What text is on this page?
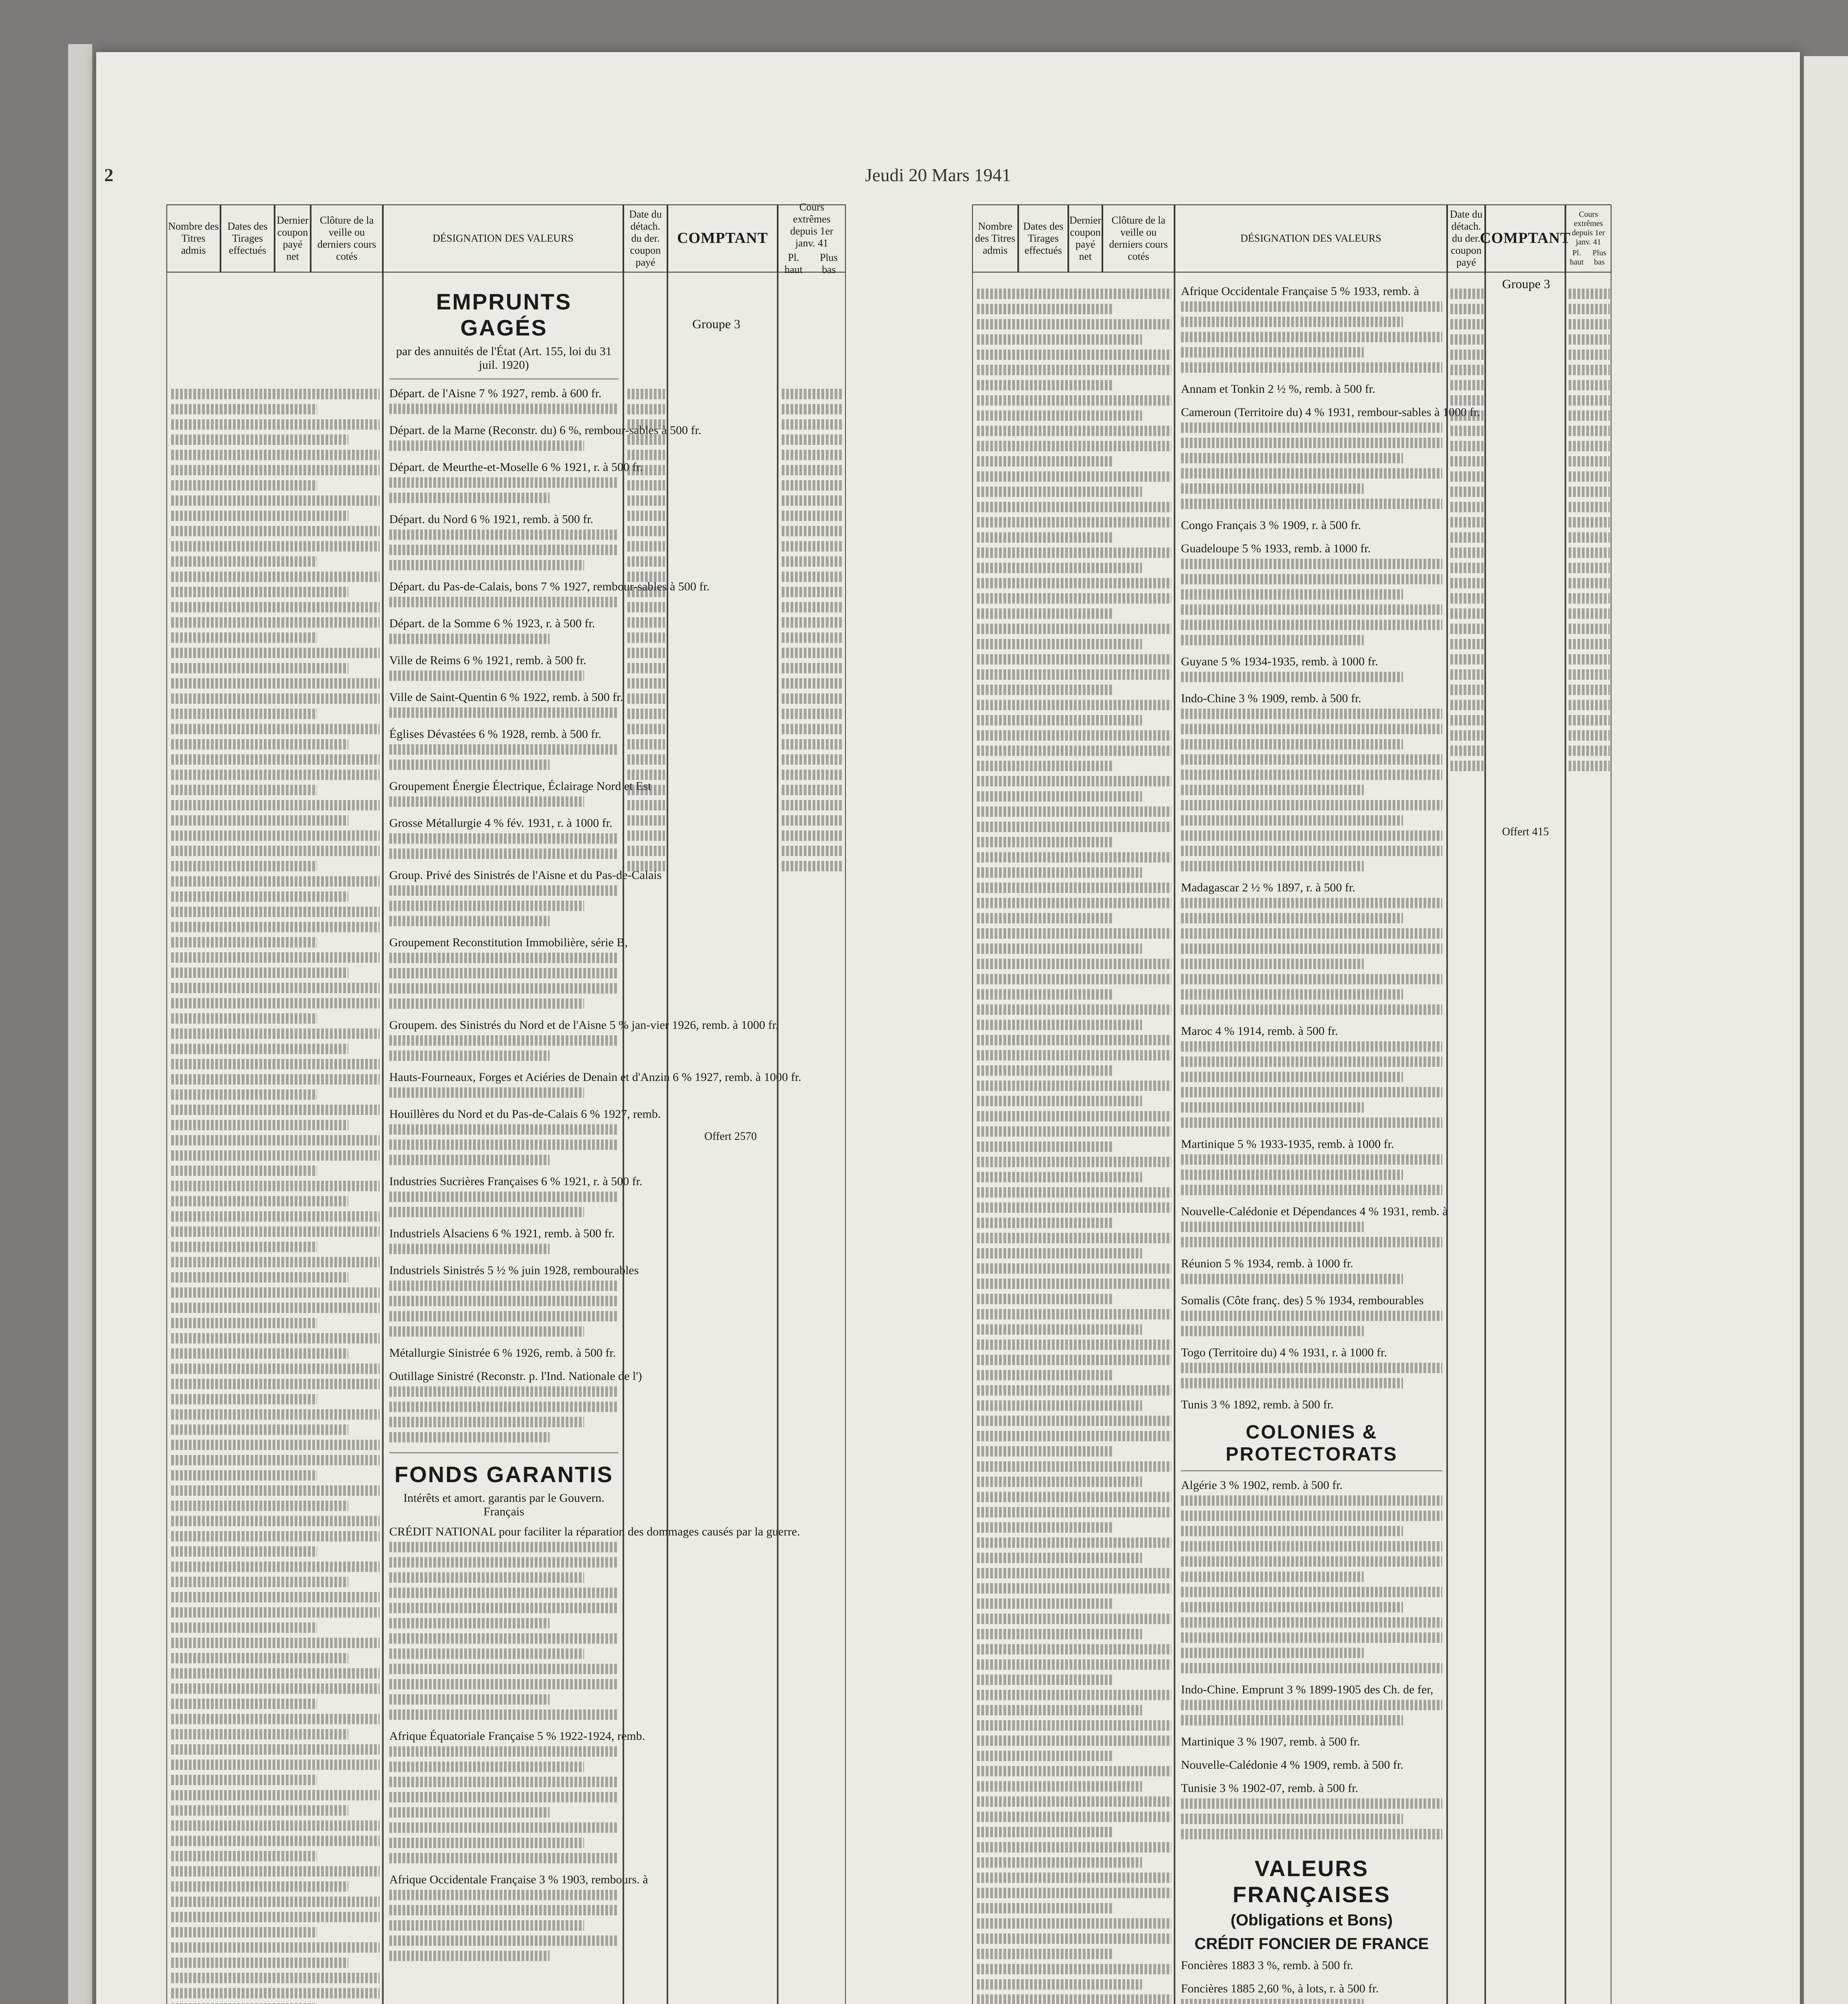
2	Jeudi 20 Mars 1941
Nombre des Titres admis
Dates des Tirages effectués
Dernier coupon payé net
Clôture de la veille ou derniers cours cotés
DÉSIGNATION DES VALEURS
Date du détach. du der. coupon payé
COMPTANT
Cours extrêmes depuis 1er janv. 41
Pl. haut
Plus bas
EMPRUNTS GAGÉS
par des annuités de l'État (Art. 155, loi du 31 juil. 1920)
Départ. de l'Aisne 7 % 1927, remb. à 600 fr.
Départ. de la Marne (Reconstr. du) 6 %, rembour-sables à 500 fr.
Départ. de Meurthe-et-Moselle 6 % 1921, r. à 500 fr.
Départ. du Nord 6 % 1921, remb. à 500 fr.
Départ. du Pas-de-Calais, bons 7 % 1927, rembour-sables à 500 fr.
Départ. de la Somme 6 % 1923, r. à 500 fr.
Ville de Reims 6 % 1921, remb. à 500 fr.
Ville de Saint-Quentin 6 % 1922, remb. à 500 fr.
Églises Dévastées 6 % 1928, remb. à 500 fr.
Groupement Énergie Électrique, Éclairage Nord et Est
Grosse Métallurgie 4 % fév. 1931, r. à 1000 fr.
Group. Privé des Sinistrés de l'Aisne et du Pas-de-Calais
Groupement Reconstitution Immobilière, série B,
Groupem. des Sinistrés du Nord et de l'Aisne 5 % jan-vier 1926, remb. à 1000 fr.
Hauts-Fourneaux, Forges et Aciéries de Denain et d'Anzin 6 % 1927, remb. à 1000 fr.
Houillères du Nord et du Pas-de-Calais 6 % 1927, remb.
Industries Sucrières Françaises 6 % 1921, r. à 500 fr.
Industriels Alsaciens 6 % 1921, remb. à 500 fr.
Industriels Sinistrés 5 ½ % juin 1928, rembourables
Métallurgie Sinistrée 6 % 1926, remb. à 500 fr.
Outillage Sinistré (Reconstr. p. l'Ind. Nationale de l')
FONDS GARANTIS
Intérêts et amort. garantis par le Gouvern. Français
CRÉDIT NATIONAL pour faciliter la réparation des dommages causés par la guerre.
Afrique Équatoriale Française 5 % 1922-1924, remb.
Afrique Occidentale Française 3 % 1903, rembours. à
Groupe 3
Offert 2570
Nombre des Titres admis
Dates des Tirages effectués
Dernier coupon payé net
Clôture de la veille ou derniers cours cotés
DÉSIGNATION DES VALEURS
Date du détach. du der. coupon payé
COMPTANT
Cours extrêmes depuis 1er janv. 41
Pl. haut
Plus bas
Afrique Occidentale Française 5 % 1933, remb. à
Annam et Tonkin 2 ½ %, remb. à 500 fr.
Cameroun (Territoire du) 4 % 1931, rembour-sables à 1000 fr.
Congo Français 3 % 1909, r. à 500 fr.
Guadeloupe 5 % 1933, remb. à 1000 fr.
Guyane 5 % 1934-1935, remb. à 1000 fr.
Indo-Chine 3 % 1909, remb. à 500 fr.
Madagascar 2 ½ % 1897, r. à 500 fr.
Maroc 4 % 1914, remb. à 500 fr.
Martinique 5 % 1933-1935, remb. à 1000 fr.
Nouvelle-Calédonie et Dépendances 4 % 1931, remb. à
Réunion 5 % 1934, remb. à 1000 fr.
Somalis (Côte franç. des) 5 % 1934, rembourables
Togo (Territoire du) 4 % 1931, r. à 1000 fr.
Tunis 3 % 1892, remb. à 500 fr.
COLONIES & PROTECTORATS
Algérie 3 % 1902, remb. à 500 fr.
Indo-Chine. Emprunt 3 % 1899-1905 des Ch. de fer,
Martinique 3 % 1907, remb. à 500 fr.
Nouvelle-Calédonie 4 % 1909, remb. à 500 fr.
Tunisie 3 % 1902-07, remb. à 500 fr.
VALEURS FRANÇAISES
(Obligations et Bons)
CRÉDIT FONCIER DE FRANCE
Foncières 1883 3 %, remb. à 500 fr.
Foncières 1885 2,60 %, à lots, r. à 500 fr.
Groupe 3
Offert 415
